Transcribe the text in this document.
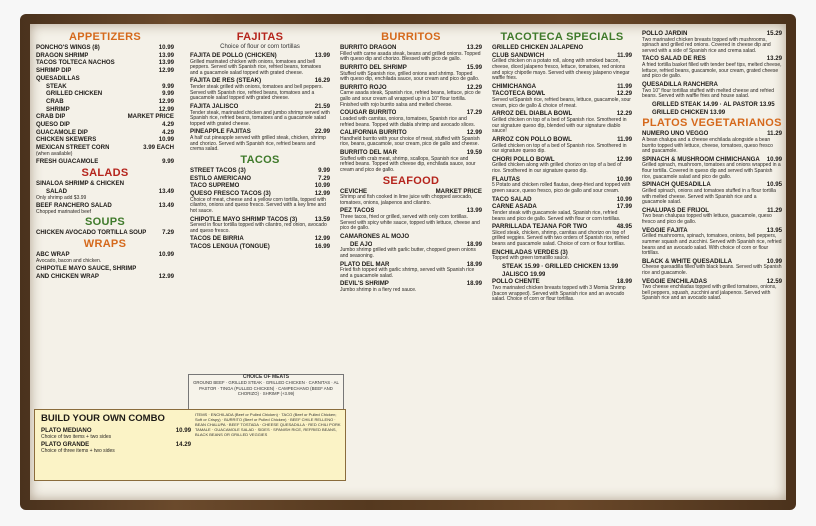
APPETIZERS
PONCHO'S WINGS (8)	10.99
DRAGON SHRIMP	13.99
TACOS TOLTECA NACHOS	13.99
SHRIMP DIP	12.99
QUESADILLAS
STEAK	9.99
GRILLED CHICKEN	9.99
CRAB	12.99
SHRIMP	12.99
CRAB DIP	MARKET PRICE
QUESO DIP	4.29
GUACAMOLE DIP	4.29
CHICKEN SKEWERS	10.99
MEXICAN STREET CORN	3.99 EACH
(when available)
FRESH GUACAMOLE	9.99
SALADS
SINALOA SHRIMP & CHICKEN
SALAD	13.49
Only shrimp add $3.99
BEEF RANCHERO SALAD	13.49
Chopped marinated beef
SOUPS
CHICKEN AVOCADO TORTILLA SOUP	7.29
WRAPS
ABC WRAP	10.99
Avocado, bacon and chicken.
CHIPOTLE MAYO SAUCE, SHRIMP
AND CHICKEN WRAP	12.99
FAJITAS
Choice of flour or corn tortillas
FAJITA DE POLLO (CHICKEN)	13.99
Grilled marinated chicken with onions, tomatoes and bell peppers. Served with Spanish rice, refried beans, tomatoes and a guacamole salad topped with grated cheese.
FAJITA DE RES (STEAK)	16.29
Tender steak grilled with onions, tomatoes and bell peppers. Served with Spanish rice, refried beans, tomatoes and a guacamole salad topped with grated cheese.
FAJITA JALISCO	21.59
Tender steak, marinated chicken and jumbo shrimp served with Spanish rice, refried beans, tomatoes and a guacamole salad topped with grated cheese.
PINEAPPLE FAJITAS	22.99
A half cut pineapple served with grilled steak, chicken, shrimp and chorizo. Served with Spanish rice, refried beans and crema salad.
TACOS
STREET TACOS (3)	9.99
ESTILO AMERICANO	7.29
TACO SUPREMO	10.99
QUESO FRESCO TACOS (3)	12.99
Choice of meat, cheese and a yellow corn tortilla, topped with cilantro, onions and queso fresco. Served with a key lime and hot sauce.
CHIPOTLE MAYO SHRIMP TACOS (3)	13.59
Served in flour tortilla topped with cilantro, red onion, avocado and queso fresco.
TACOS DE BIRRIA	12.99
TACOS LENGUA (TONGUE)	16.99
BURRITOS
BURRITO DRAGON	13.29
Filled with carne asada steak, beans and grilled onions. Topped with queso dip and chorizo. Blessed with pico de gallo.
BURRITO DEL SHRIMP	15.99
Stuffed with Spanish rice, grilled onions and shrimp. Topped with queso dip, enchilada sauce, sour cream and pico de gallo.
BURRITO ROJO	12.29
Carne asada steak, Spanish rice, refried beans, lettuce, pico de gallo and sour cream all wrapped up in a 10" flour tortilla. Finished with rojo burrito salsa and melted cheese.
COUGAR BURRITO	17.29
Loaded with carnitas, onions, tomatoes, Spanish rice and refried beans. Topped with diabla shrimp and avocado slices.
CALIFORNIA BURRITO	12.99
Handheld burrito with your choice of meat, stuffed with Spanish rice, beans, guacamole, sour cream, pico de gallo and cheese.
BURRITO DEL MAR	19.59
Stuffed with crab meat, shrimp, scallops, Spanish rice and refried beans. Topped with cheese dip, enchilada sauce, sour cream and pico de gallo.
SEAFOOD
CEVICHE	MARKET PRICE
Shrimp and fish cooked in lime juice with chopped avocado, tomatoes, onions, jalapenos and cilantro.
PEZ TACOS	13.99
Three tacos, fried or grilled, served with only corn tortillas. Served with spicy white sauce, topped with lettuce, cheese and pico de gallo.
CAMARONES AL MOJO
DE AJO	18.99
Jumbo shrimp grilled with garlic butter, chopped green onions and seasoning.
PLATO DEL MAR	18.99
Fried fish topped with garlic shrimp, served with Spanish rice and a guacamole salad.
DEVIL'S SHRIMP	18.99
Jumbo shrimp in a fiery red sauce.
TACOTECA SPECIALS
GRILLED CHICKEN JALAPENO
CLUB SANDWICH	11.99
Grilled chicken on a potato roll, along with smoked bacon, cheese, diced jalapeno fresco, lettuce, tomatoes, red onions and spicy chipotle mayo. Served with cheesy jalapeno vinegar waffle fries.
CHIMICHANGA	11.99
TACOTECA BOWL	12.29
Served w/Spanish rice, refried beans, lettuce, guacamole, sour cream, pico de gallo & choice of meat.
ARROZ DEL DIABLA BOWL	12.29
Grilled chicken on top of a bed of Spanish rice. Smothered in our signature queso dip, blended with our signature diablo sauce!
ARROZ CON POLLO BOWL	11.99
Grilled chicken on top of a bed of Spanish rice. Smothered in our signature queso dip.
CHORI POLLO BOWL	12.99
Grilled chicken along with grilled chorizo on top of a bed of rice. Smothered in our signature queso dip.
FLAUTAS	10.99
5 Potato and chicken rolled flautas, deep-fried and topped with green sauce, queso fresco, pico de gallo and sour cream.
TACO SALAD	10.99
CARNE ASADA	17.99
Tender steak with guacamole salad, Spanish rice, refried beans and pico de gallo. Served with flour or corn tortillas.
PARRILLADA TEJANA FOR TWO	48.95
Sliced steak, chicken, shrimp, carnitas and chorizo on top of grilled veggies. Served with two orders of Spanish rice, refried beans and guacamole salad. Choice of corn or flour tortillas.
ENCHILADAS VERDES (3)
Topped with green tomatillo sauce.
STEAK 15.99 · GRILLED CHICKEN 13.99
JALISCO 19.99
POLLO CHENTE	18.99
Two marinated chicken breasts topped with 3 Momia Shrimp (bacon wrapped). Served with Spanish rice and an avocado salad. Choice of corn or flour tortillas.
POLLO JARDIN	15.29
Two marinated chicken breasts topped with mushrooms, spinach and grilled red onions. Covered in cheese dip and served with a side of Spanish rice and crema salad.
TACO SALAD DE RES	13.29
A fried tortilla basket filled with tender beef tips, melted cheese, lettuce, refried beans, guacamole, sour cream, grated cheese and pico de gallo.
QUESADILLA RANCHERA
Two 10" flour tortillas stuffed with melted cheese and refried beans. Served with waffle fries and house salad.
GRILLED STEAK 14.99 · AL PASTOR 13.95
GRILLED CHICKEN 13.99
PLATOS VEGETARIANOS
NUMERO UNO VEGGO	11.29
A bean chalupa and a cheese enchilada alongside a bean burrito topped with lettuce, cheese, tomatoes, queso fresco and guacamole.
SPINACH & MUSHROOM CHIMICHANGA 10.99
Grilled spinach, mushroom, tomatoes and onions wrapped in a flour tortilla. Covered in queso dip and served with Spanish rice, guacamole salad and pico de gallo.
SPINACH QUESADILLA	10.95
Grilled spinach, onions and tomatoes stuffed in a flour tortilla with melted cheese. Served with Spanish rice and a guacamole salad.
CHALUPAS DE FRIJOL	11.29
Two bean chalupas topped with lettuce, guacamole, queso fresco and pico de gallo.
VEGGIE FAJITA	13.95
Grilled mushrooms, spinach, tomatoes, onions, bell peppers, summer squash and zucchini. Served with Spanish rice, refried beans and an avocado salad. With choice of corn or flour tortillas.
BLACK & WHITE QUESADILLA	10.99
Cheese quesadilla filled with black beans. Served with Spanish rice and guacamole.
VEGGIE ENCHILADAS	12.59
Two cheese enchiladas topped with grilled tomatoes, onions, bell peppers, squash, zucchini and jalapenos. Served with Spanish rice and an avocado salad.
CHOICE OF MEATS
GROUND BEEF · GRILLED STEAK · GRILLED CHICKEN · CARNITAS · AL PASTOR · TINGA (PULLED CHICKEN) · CAMPECHANO (BEEF AND CHORIZO) · SHRIMP (+3.99)
BUILD YOUR OWN COMBO
PLATO MEDIANO	10.99
Choice of two items + two sides
PLATO GRANDE	14.29
Choice of three items + two sides
ITEMS · ENCHILADA (Beef or Pulled Chicken) · TACO (Beef or Pulled Chicken; Soft or Crispy) · BURRITO (Beef or Pulled Chicken) · BEEF CHILE RELLENO · BEAN CHALUPA · BEEF TOSTADA · CHEESE QUESADILLA · RED CHILI PORK TAMALE · GUACAMOLE SALAD · SIDES · SPANISH RICE, REFRIED BEANS, BLACK BEANS OR GRILLED VEGGIES
